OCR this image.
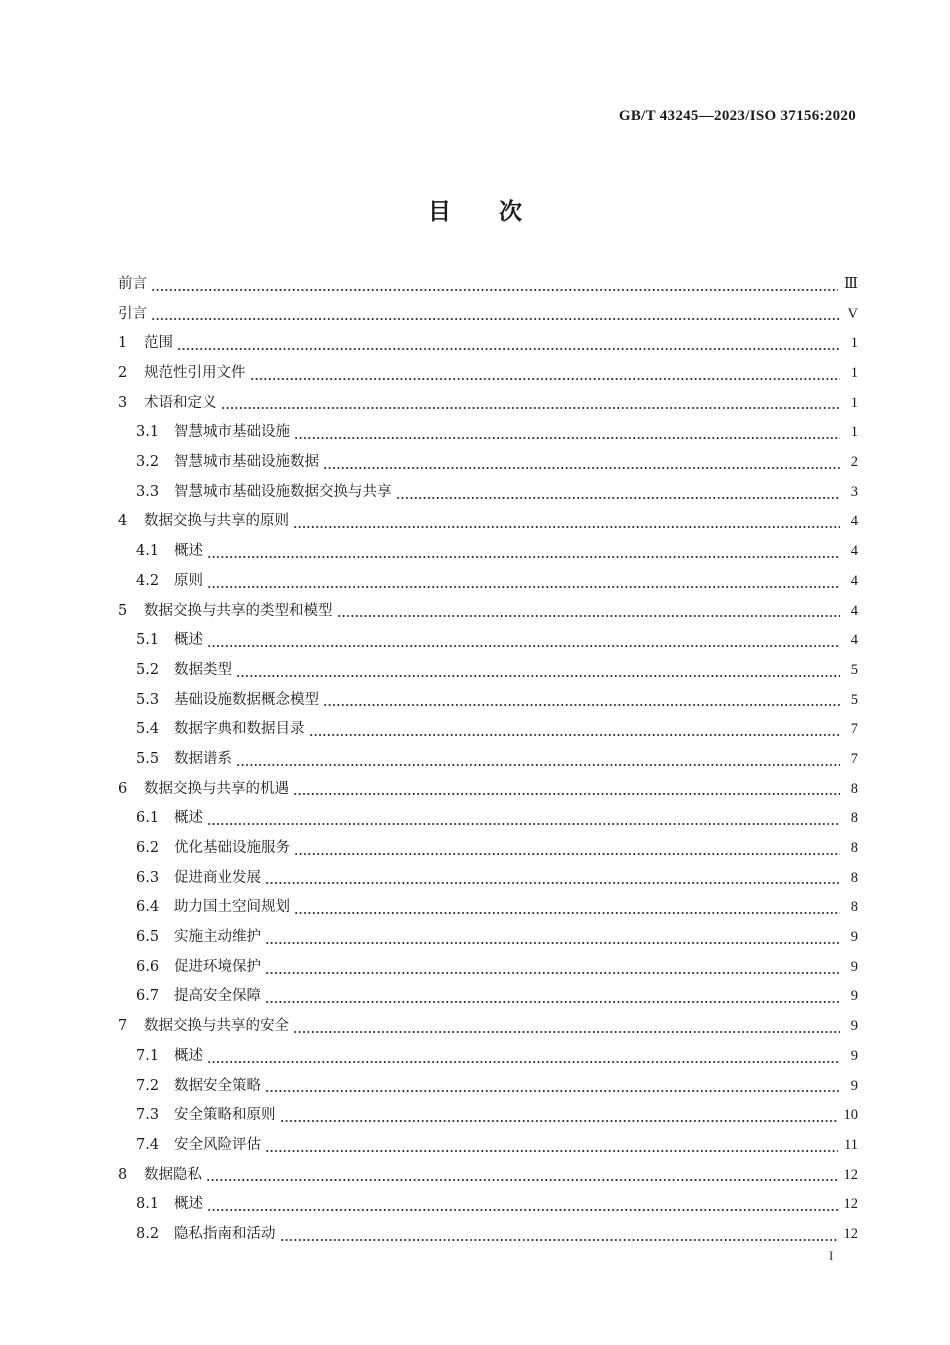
GB/T 43245—2023/ISO 37156:2020
目次
前言	Ⅲ
引言	V
1	范围	1
2	规范性引用文件	1
3	术语和定义	1
3.1	智慧城市基础设施	1
3.2	智慧城市基础设施数据	2
3.3	智慧城市基础设施数据交换与共享	3
4	数据交换与共享的原则	4
4.1	概述	4
4.2	原则	4
5	数据交换与共享的类型和模型	4
5.1	概述	4
5.2	数据类型	5
5.3	基础设施数据概念模型	5
5.4	数据字典和数据目录	7
5.5	数据谱系	7
6	数据交换与共享的机遇	8
6.1	概述	8
6.2	优化基础设施服务	8
6.3	促进商业发展	8
6.4	助力国土空间规划	8
6.5	实施主动维护	9
6.6	促进环境保护	9
6.7	提高安全保障	9
7	数据交换与共享的安全	9
7.1	概述	9
7.2	数据安全策略	9
7.3	安全策略和原则	10
7.4	安全风险评估	11
8	数据隐私	12
8.1	概述	12
8.2	隐私指南和活动	12
I
